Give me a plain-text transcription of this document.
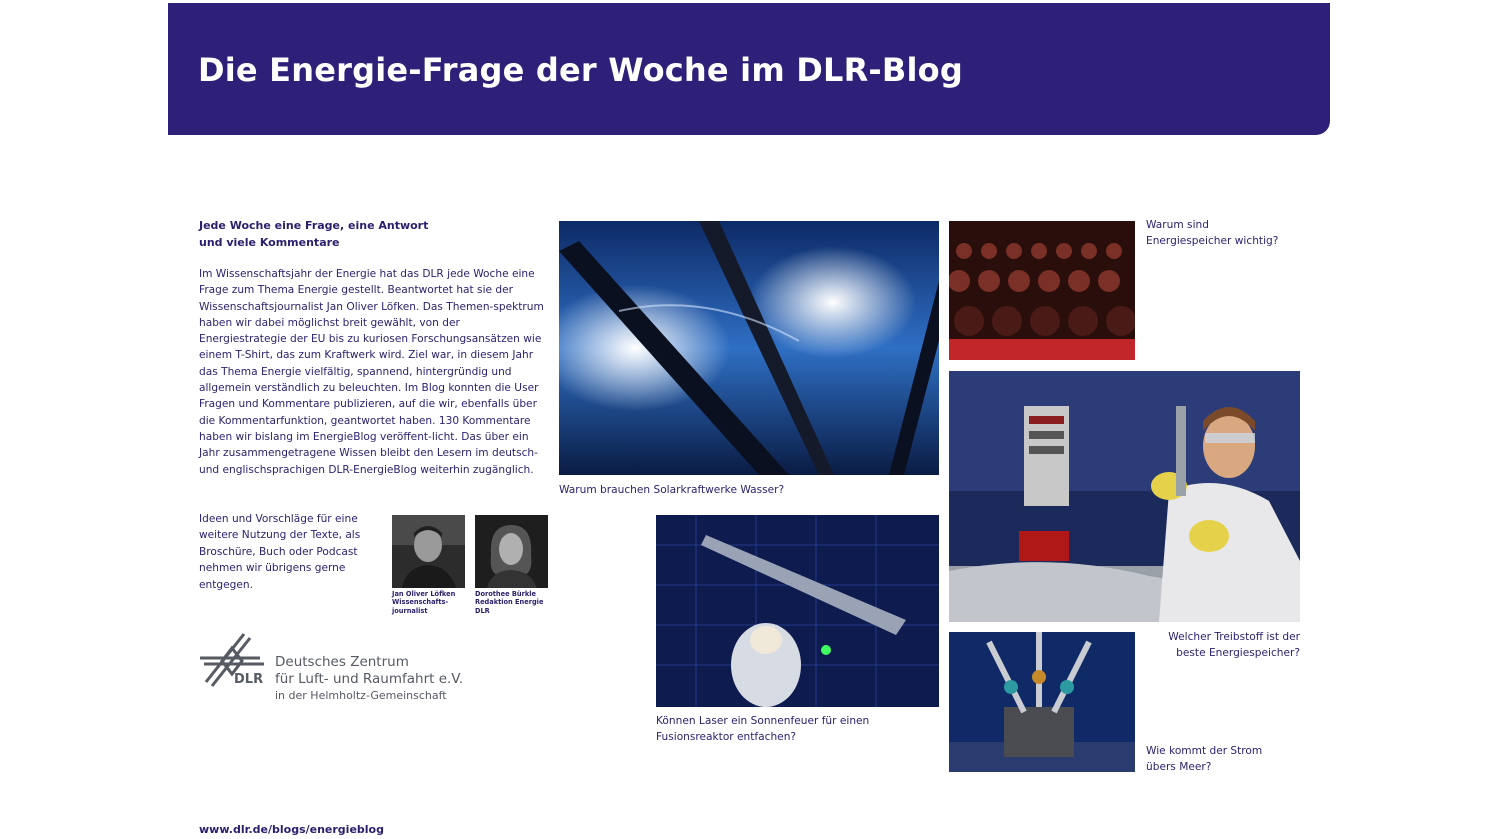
Die Energie-Frage der Woche im DLR-Blog
Jede Woche eine Frage, eine Antwort
und viele Kommentare
Im Wissenschaftsjahr der Energie hat das DLR jede Woche eine Frage zum Thema Energie gestellt. Beantwortet hat sie der Wissenschaftsjournalist Jan Oliver Löfken. Das Themen-spektrum haben wir dabei möglichst breit gewählt, von der Energiestrategie der EU bis zu kuriosen Forschungsansätzen wie einem T-Shirt, das zum Kraftwerk wird. Ziel war, in diesem Jahr das Thema Energie vielfältig, spannend, hintergründig und allgemein verständlich zu beleuchten. Im Blog konnten die User Fragen und Kommentare publizieren, auf die wir, ebenfalls über die Kommentarfunktion, geantwortet haben. 130 Kommentare haben wir bislang im EnergieBlog veröffent-licht. Das über ein Jahr zusammengetragene Wissen bleibt den Lesern im deutsch- und englischsprachigen DLR-EnergieBlog weiterhin zugänglich.
Ideen und Vorschläge für eine weitere Nutzung der Texte, als Broschüre, Buch oder Podcast nehmen wir übrigens gerne entgegen.
Jan Oliver Löfken
Wissenschafts-
journalist
Dorothee Bürkle
Redaktion Energie
DLR
DLR
Deutsches Zentrum
für Luft- und Raumfahrt e.V.
in der Helmholtz-Gemeinschaft
Warum brauchen Solarkraftwerke Wasser?
Können Laser ein Sonnenfeuer für einen
Fusionsreaktor entfachen?
Warum sind
Energiespeicher wichtig?
Welcher Treibstoff ist der
beste Energiespeicher?
Wie kommt der Strom
übers Meer?
www.dlr.de/blogs/energieblog
